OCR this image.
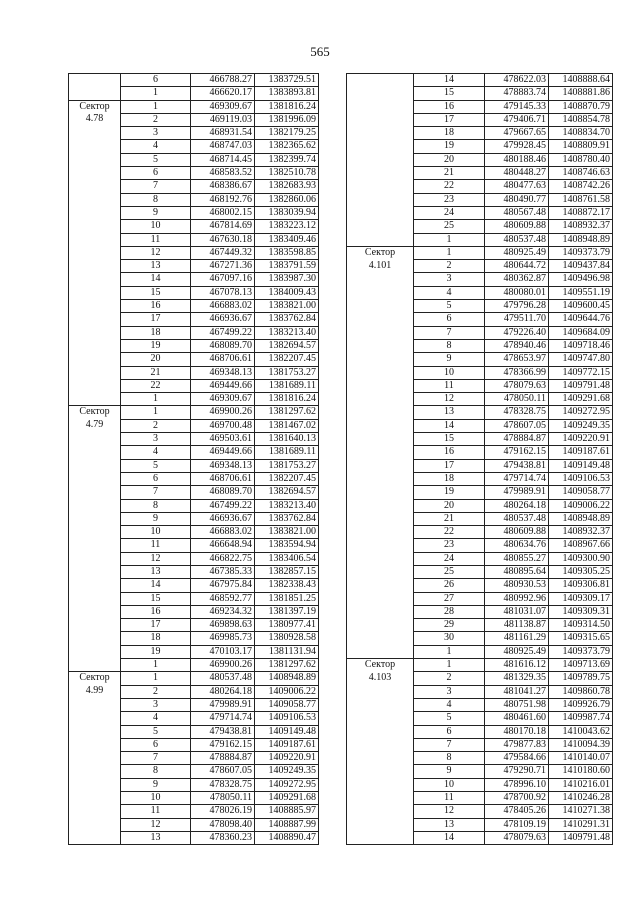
565
	6	466788.27	1383729.51
	1	466620.17	1383893.81

Сектор	1	469309.67	1381816.24

4.78	2	469119.03	1381996.09
	3	468931.54	1382179.25
	4	468747.03	1382365.62
	5	468714.45	1382399.74
	6	468583.52	1382510.78
	7	468386.67	1382683.93
	8	468192.76	1382860.06
	9	468002.15	1383039.94
	10	467814.69	1383223.12
	11	467630.18	1383409.46
	12	467449.32	1383598.85
	13	467271.36	1383791.59
	14	467097.16	1383987.30
	15	467078.13	1384009.43
	16	466883.02	1383821.00
	17	466936.67	1383762.84
	18	467499.22	1383213.40
	19	468089.70	1382694.57
	20	468706.61	1382207.45
	21	469348.13	1381753.27
	22	469449.66	1381689.11
	1	469309.67	1381816.24

Сектор	1	469900.26	1381297.62

4.79	2	469700.48	1381467.02
	3	469503.61	1381640.13
	4	469449.66	1381689.11
	5	469348.13	1381753.27
	6	468706.61	1382207.45
	7	468089.70	1382694.57
	8	467499.22	1383213.40
	9	466936.67	1383762.84
	10	466883.02	1383821.00
	11	466648.94	1383594.94
	12	466822.75	1383406.54
	13	467385.33	1382857.15
	14	467975.84	1382338.43
	15	468592.77	1381851.25
	16	469234.32	1381397.19
	17	469898.63	1380977.41
	18	469985.73	1380928.58
	19	470103.17	1381131.94
	1	469900.26	1381297.62

Сектор	1	480537.48	1408948.89

4.99	2	480264.18	1409006.22
	3	479989.91	1409058.77
	4	479714.74	1409106.53
	5	479438.81	1409149.48
	6	479162.15	1409187.61
	7	478884.87	1409220.91
	8	478607.05	1409249.35
	9	478328.75	1409272.95
	10	478050.11	1409291.68
	11	478026.19	1408885.97
	12	478098.40	1408887.99
	13	478360.23	1408890.47
	14	478622.03	1408888.64
	15	478883.74	1408881.86
	16	479145.33	1408870.79
	17	479406.71	1408854.78
	18	479667.65	1408834.70
	19	479928.45	1408809.91
	20	480188.46	1408780.40
	21	480448.27	1408746.63
	22	480477.63	1408742.26
	23	480490.77	1408761.58
	24	480567.48	1408872.17
	25	480609.88	1408932.37
	1	480537.48	1408948.89

Сектор	1	480925.49	1409373.79

4.101	2	480644.72	1409437.84
	3	480362.87	1409496.98
	4	480080.01	1409551.19
	5	479796.28	1409600.45
	6	479511.70	1409644.76
	7	479226.40	1409684.09
	8	478940.46	1409718.46
	9	478653.97	1409747.80
	10	478366.99	1409772.15
	11	478079.63	1409791.48
	12	478050.11	1409291.68
	13	478328.75	1409272.95
	14	478607.05	1409249.35
	15	478884.87	1409220.91
	16	479162.15	1409187.61
	17	479438.81	1409149.48
	18	479714.74	1409106.53
	19	479989.91	1409058.77
	20	480264.18	1409006.22
	21	480537.48	1408948.89
	22	480609.88	1408932.37
	23	480634.76	1408967.66
	24	480855.27	1409300.90
	25	480895.64	1409305.25
	26	480930.53	1409306.81
	27	480992.96	1409309.17
	28	481031.07	1409309.31
	29	481138.87	1409314.50
	30	481161.29	1409315.65
	1	480925.49	1409373.79

Сектор	1	481616.12	1409713.69

4.103	2	481329.35	1409789.75
	3	481041.27	1409860.78
	4	480751.98	1409926.79
	5	480461.60	1409987.74
	6	480170.18	1410043.62
	7	479877.83	1410094.39
	8	479584.66	1410140.07
	9	479290.71	1410180.60
	10	478996.10	1410216.01
	11	478700.92	1410246.28
	12	478405.26	1410271.38
	13	478109.19	1410291.31
	14	478079.63	1409791.48
